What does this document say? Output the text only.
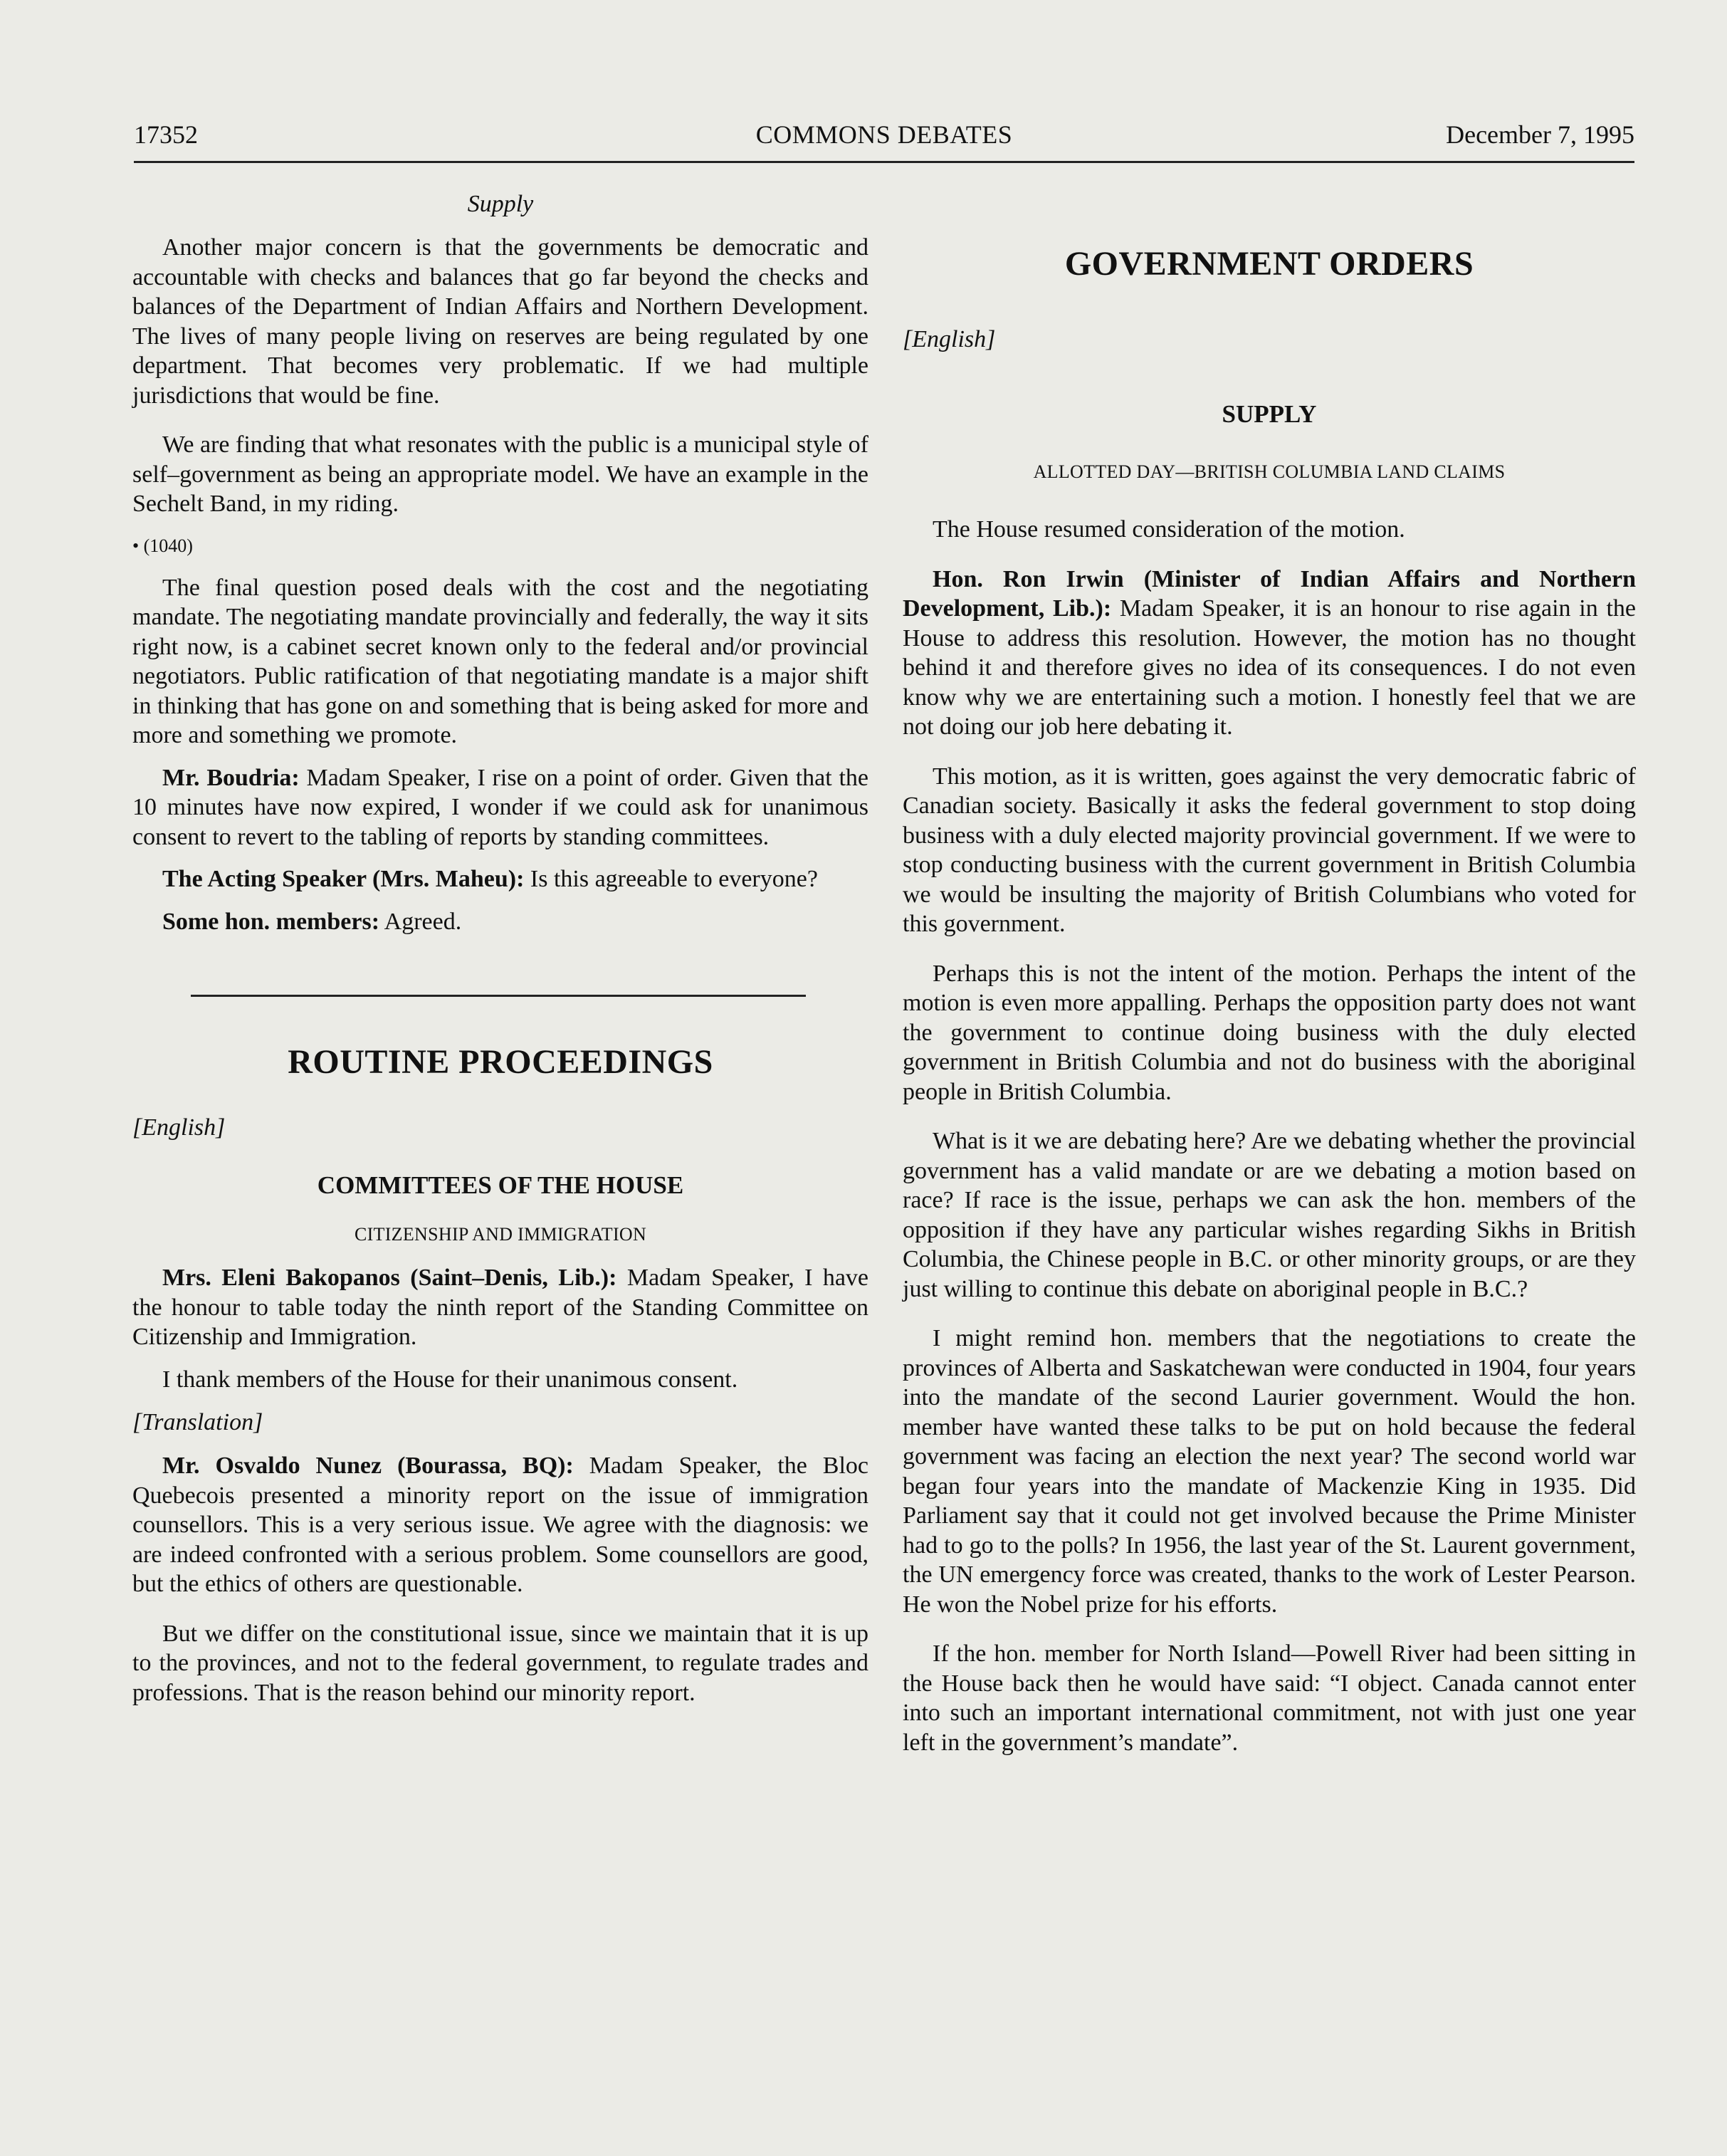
17352	COMMONS DEBATES	December 7, 1995
Supply

Another major concern is that the governments be democratic and accountable with checks and balances that go far beyond the checks and balances of the Department of Indian Affairs and Northern Development. The lives of many people living on reserves are being regulated by one department. That becomes very problematic. If we had multiple jurisdictions that would be fine.

We are finding that what resonates with the public is a municipal style of self–government as being an appropriate model. We have an example in the Sechelt Band, in my riding.

• (1040)

The final question posed deals with the cost and the negotiating mandate. The negotiating mandate provincially and federally, the way it sits right now, is a cabinet secret known only to the federal and/or provincial negotiators. Public ratification of that negotiating mandate is a major shift in thinking that has gone on and something that is being asked for more and more and something we promote.

Mr. Boudria: Madam Speaker, I rise on a point of order. Given that the 10 minutes have now expired, I wonder if we could ask for unanimous consent to revert to the tabling of reports by standing committees.

The Acting Speaker (Mrs. Maheu): Is this agreeable to everyone?

Some hon. members: Agreed.

ROUTINE PROCEEDINGS
[English]
COMMITTEES OF THE HOUSE
CITIZENSHIP AND IMMIGRATION

Mrs. Eleni Bakopanos (Saint–Denis, Lib.): Madam Speaker, I have the honour to table today the ninth report of the Standing Committee on Citizenship and Immigration.

I thank members of the House for their unanimous consent.

[Translation]

Mr. Osvaldo Nunez (Bourassa, BQ): Madam Speaker, the Bloc Quebecois presented a minority report on the issue of immigration counsellors. This is a very serious issue. We agree with the diagnosis: we are indeed confronted with a serious problem. Some counsellors are good, but the ethics of others are questionable.

But we differ on the constitutional issue, since we maintain that it is up to the provinces, and not to the federal government, to regulate trades and professions. That is the reason behind our minority report.

GOVERNMENT ORDERS
[English]
SUPPLY
ALLOTTED DAY—BRITISH COLUMBIA LAND CLAIMS

The House resumed consideration of the motion.

Hon. Ron Irwin (Minister of Indian Affairs and Northern Development, Lib.): Madam Speaker, it is an honour to rise again in the House to address this resolution. However, the motion has no thought behind it and therefore gives no idea of its consequences. I do not even know why we are entertaining such a motion. I honestly feel that we are not doing our job here debating it.

This motion, as it is written, goes against the very democratic fabric of Canadian society. Basically it asks the federal government to stop doing business with a duly elected majority provincial government. If we were to stop conducting business with the current government in British Columbia we would be insulting the majority of British Columbians who voted for this government.

Perhaps this is not the intent of the motion. Perhaps the intent of the motion is even more appalling. Perhaps the opposition party does not want the government to continue doing business with the duly elected government in British Columbia and not do business with the aboriginal people in British Columbia.

What is it we are debating here? Are we debating whether the provincial government has a valid mandate or are we debating a motion based on race? If race is the issue, perhaps we can ask the hon. members of the opposition if they have any particular wishes regarding Sikhs in British Columbia, the Chinese people in B.C. or other minority groups, or are they just willing to continue this debate on aboriginal people in B.C.?

I might remind hon. members that the negotiations to create the provinces of Alberta and Saskatchewan were conducted in 1904, four years into the mandate of the second Laurier government. Would the hon. member have wanted these talks to be put on hold because the federal government was facing an election the next year? The second world war began four years into the mandate of Mackenzie King in 1935. Did Parliament say that it could not get involved because the Prime Minister had to go to the polls? In 1956, the last year of the St. Laurent government, the UN emergency force was created, thanks to the work of Lester Pearson. He won the Nobel prize for his efforts.

If the hon. member for North Island—Powell River had been sitting in the House back then he would have said: “I object. Canada cannot enter into such an important international commitment, not with just one year left in the government’s mandate”.
